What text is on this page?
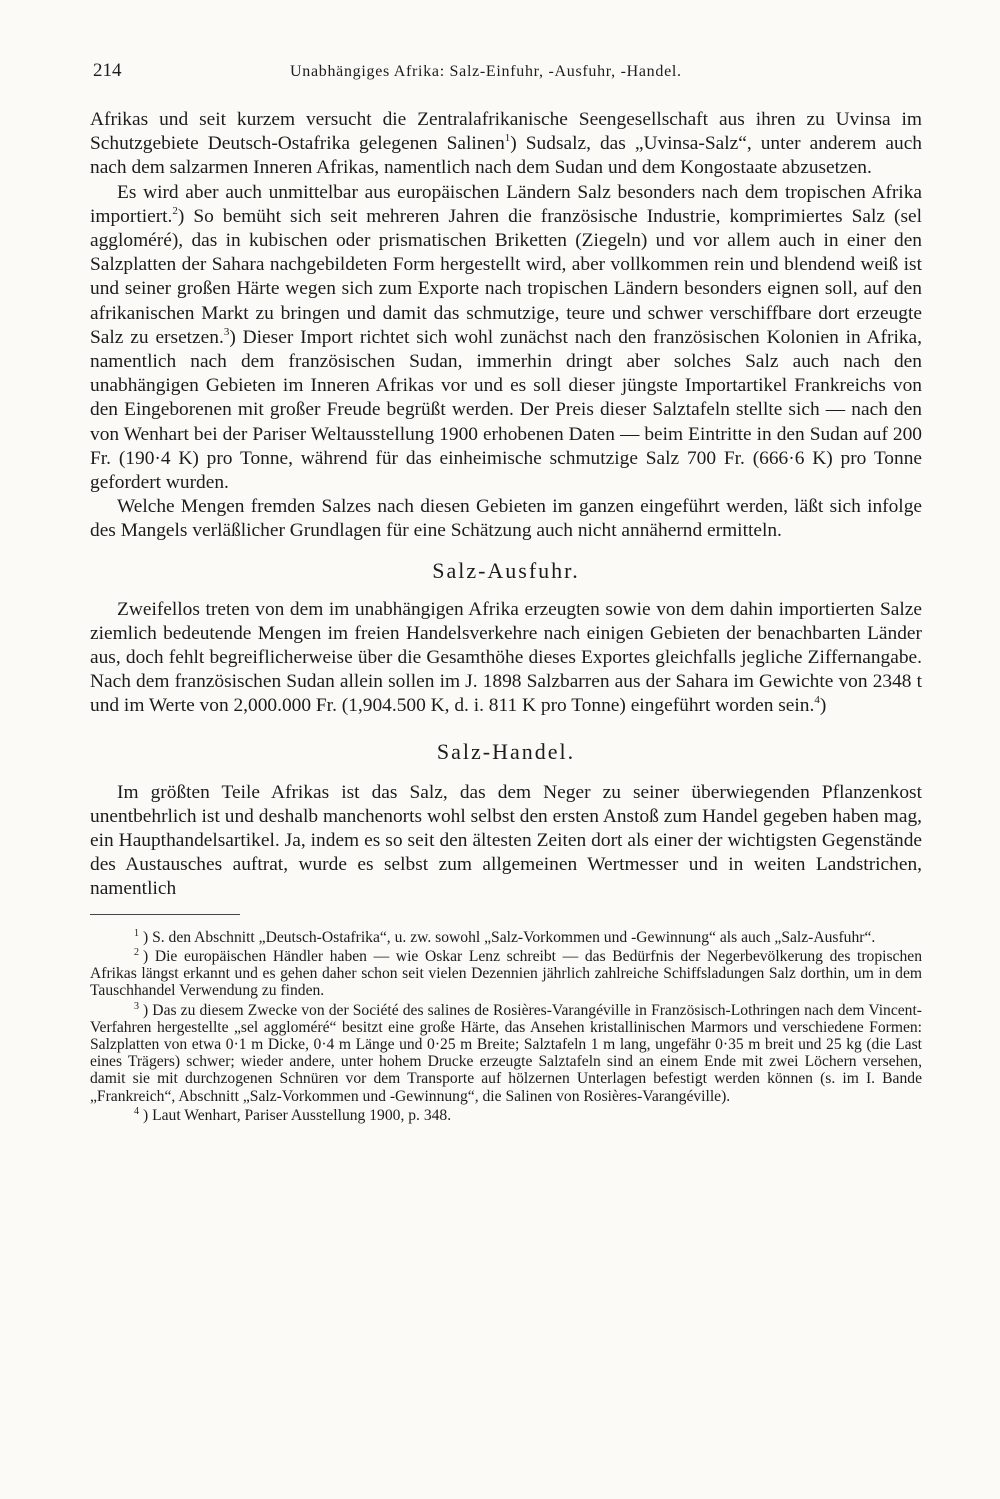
214	Unabhängiges Afrika: Salz-Einfuhr, -Ausfuhr, -Handel.

Afrikas und seit kurzem versucht die Zentralafrikanische Seengesellschaft aus ihren zu Uvinsa im Schutzgebiete Deutsch-Ostafrika gelegenen Salinen$^1$) Sudsalz, das „Uvinsa-Salz“, unter anderem auch nach dem salzarmen Inneren Afrikas, namentlich nach dem Sudan und dem Kongostaate abzusetzen.

Es wird aber auch unmittelbar aus europäischen Ländern Salz besonders nach dem tropischen Afrika importiert.$^2$) So bemüht sich seit mehreren Jahren die französische Industrie, komprimiertes Salz (sel aggloméré), das in kubischen oder prismatischen Briketten (Ziegeln) und vor allem auch in einer den Salzplatten der Sahara nachgebildeten Form hergestellt wird, aber vollkommen rein und blendend weiß ist und seiner großen Härte wegen sich zum Exporte nach tropischen Ländern besonders eignen soll, auf den afrikanischen Markt zu bringen und damit das schmutzige, teure und schwer verschiffbare dort erzeugte Salz zu ersetzen.$^3$) Dieser Import richtet sich wohl zunächst nach den französischen Kolonien in Afrika, namentlich nach dem französischen Sudan, immerhin dringt aber solches Salz auch nach den unabhängigen Gebieten im Inneren Afrikas vor und es soll dieser jüngste Importartikel Frankreichs von den Eingeborenen mit großer Freude begrüßt werden. Der Preis dieser Salztafeln stellte sich — nach den von Wenhart bei der Pariser Weltausstellung 1900 erhobenen Daten — beim Eintritte in den Sudan auf 200 Fr. (190·4 K) pro Tonne, während für das einheimische schmutzige Salz 700 Fr. (666·6 K) pro Tonne gefordert wurden.

Welche Mengen fremden Salzes nach diesen Gebieten im ganzen eingeführt werden, läßt sich infolge des Mangels verläßlicher Grundlagen für eine Schätzung auch nicht annähernd ermitteln.

Salz-Ausfuhr.

Zweifellos treten von dem im unabhängigen Afrika erzeugten sowie von dem dahin importierten Salze ziemlich bedeutende Mengen im freien Handelsverkehre nach einigen Gebieten der benachbarten Länder aus, doch fehlt begreiflicherweise über die Gesamthöhe dieses Exportes gleichfalls jegliche Ziffernangabe. Nach dem französischen Sudan allein sollen im J. 1898 Salzbarren aus der Sahara im Gewichte von 2348 t und im Werte von 2,000.000 Fr. (1,904.500 K, d. i. 811 K pro Tonne) eingeführt worden sein.$^4$)

Salz-Handel.

Im größten Teile Afrikas ist das Salz, das dem Neger zu seiner überwiegenden Pflanzenkost unentbehrlich ist und deshalb manchenorts wohl selbst den ersten Anstoß zum Handel gegeben haben mag, ein Haupthandelsartikel. Ja, indem es so seit den ältesten Zeiten dort als einer der wichtigsten Gegenstände des Austausches auftrat, wurde es selbst zum allgemeinen Wertmesser und in weiten Landstrichen, namentlich

$^1$ ) S. den Abschnitt „Deutsch-Ostafrika“, u. zw. sowohl „Salz-Vorkommen und -Gewinnung“ als auch „Salz-Ausfuhr“.

$^2$ ) Die europäischen Händler haben — wie Oskar Lenz schreibt — das Bedürfnis der Negerbevölkerung des tropischen Afrikas längst erkannt und es gehen daher schon seit vielen Dezennien jährlich zahlreiche Schiffsladungen Salz dorthin, um in dem Tauschhandel Verwendung zu finden.

$^3$ ) Das zu diesem Zwecke von der Société des salines de Rosières-Varangéville in Französisch-Lothringen nach dem Vincent-Verfahren hergestellte „sel aggloméré“ besitzt eine große Härte, das Ansehen kristallinischen Marmors und verschiedene Formen: Salzplatten von etwa 0·1 m Dicke, 0·4 m Länge und 0·25 m Breite; Salztafeln 1 m lang, ungefähr 0·35 m breit und 25 kg (die Last eines Trägers) schwer; wieder andere, unter hohem Drucke erzeugte Salztafeln sind an einem Ende mit zwei Löchern versehen, damit sie mit durchzogenen Schnüren vor dem Transporte auf hölzernen Unterlagen befestigt werden können (s. im I. Bande „Frankreich“, Abschnitt „Salz-Vorkommen und -Gewinnung“, die Salinen von Rosières-Varangéville).

$^4$ ) Laut Wenhart, Pariser Ausstellung 1900, p. 348.
